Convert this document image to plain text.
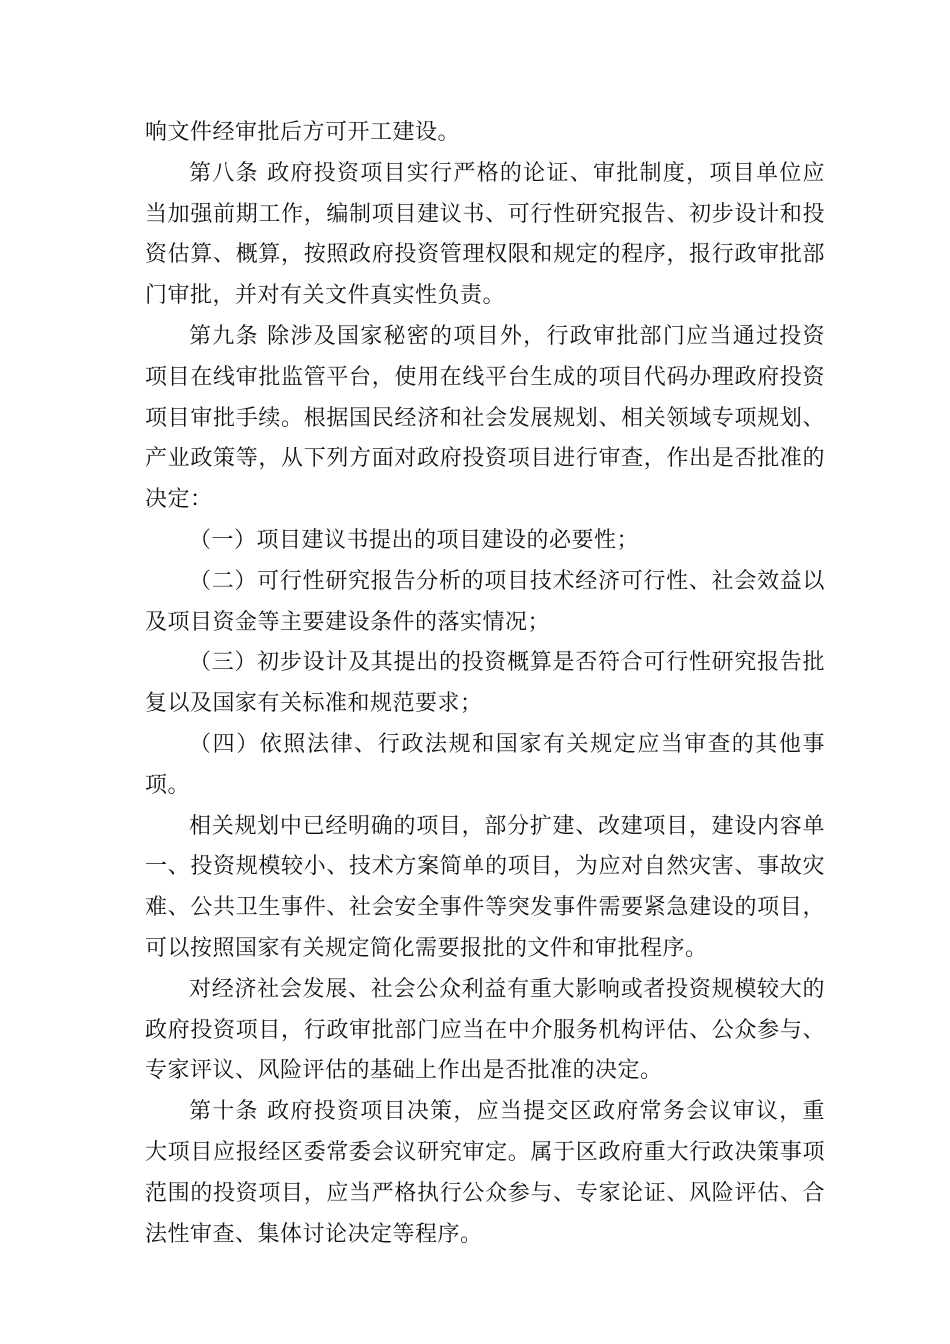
响文件经审批后方可开工建设。

第八条 政府投资项目实行严格的论证、审批制度，项目单位应当加强前期工作，编制项目建议书、可行性研究报告、初步设计和投资估算、概算，按照政府投资管理权限和规定的程序，报行政审批部门审批，并对有关文件真实性负责。

第九条 除涉及国家秘密的项目外，行政审批部门应当通过投资项目在线审批监管平台，使用在线平台生成的项目代码办理政府投资项目审批手续。根据国民经济和社会发展规划、相关领域专项规划、产业政策等，从下列方面对政府投资项目进行审查，作出是否批准的决定：

（一）项目建议书提出的项目建设的必要性；

（二）可行性研究报告分析的项目技术经济可行性、社会效益以及项目资金等主要建设条件的落实情况；

（三）初步设计及其提出的投资概算是否符合可行性研究报告批复以及国家有关标准和规范要求；

（四）依照法律、行政法规和国家有关规定应当审查的其他事项。

相关规划中已经明确的项目，部分扩建、改建项目，建设内容单一、投资规模较小、技术方案简单的项目，为应对自然灾害、事故灾难、公共卫生事件、社会安全事件等突发事件需要紧急建设的项目，可以按照国家有关规定简化需要报批的文件和审批程序。

对经济社会发展、社会公众利益有重大影响或者投资规模较大的政府投资项目，行政审批部门应当在中介服务机构评估、公众参与、专家评议、风险评估的基础上作出是否批准的决定。

第十条 政府投资项目决策，应当提交区政府常务会议审议，重大项目应报经区委常委会议研究审定。属于区政府重大行政决策事项范围的投资项目，应当严格执行公众参与、专家论证、风险评估、合法性审查、集体讨论决定等程序。
